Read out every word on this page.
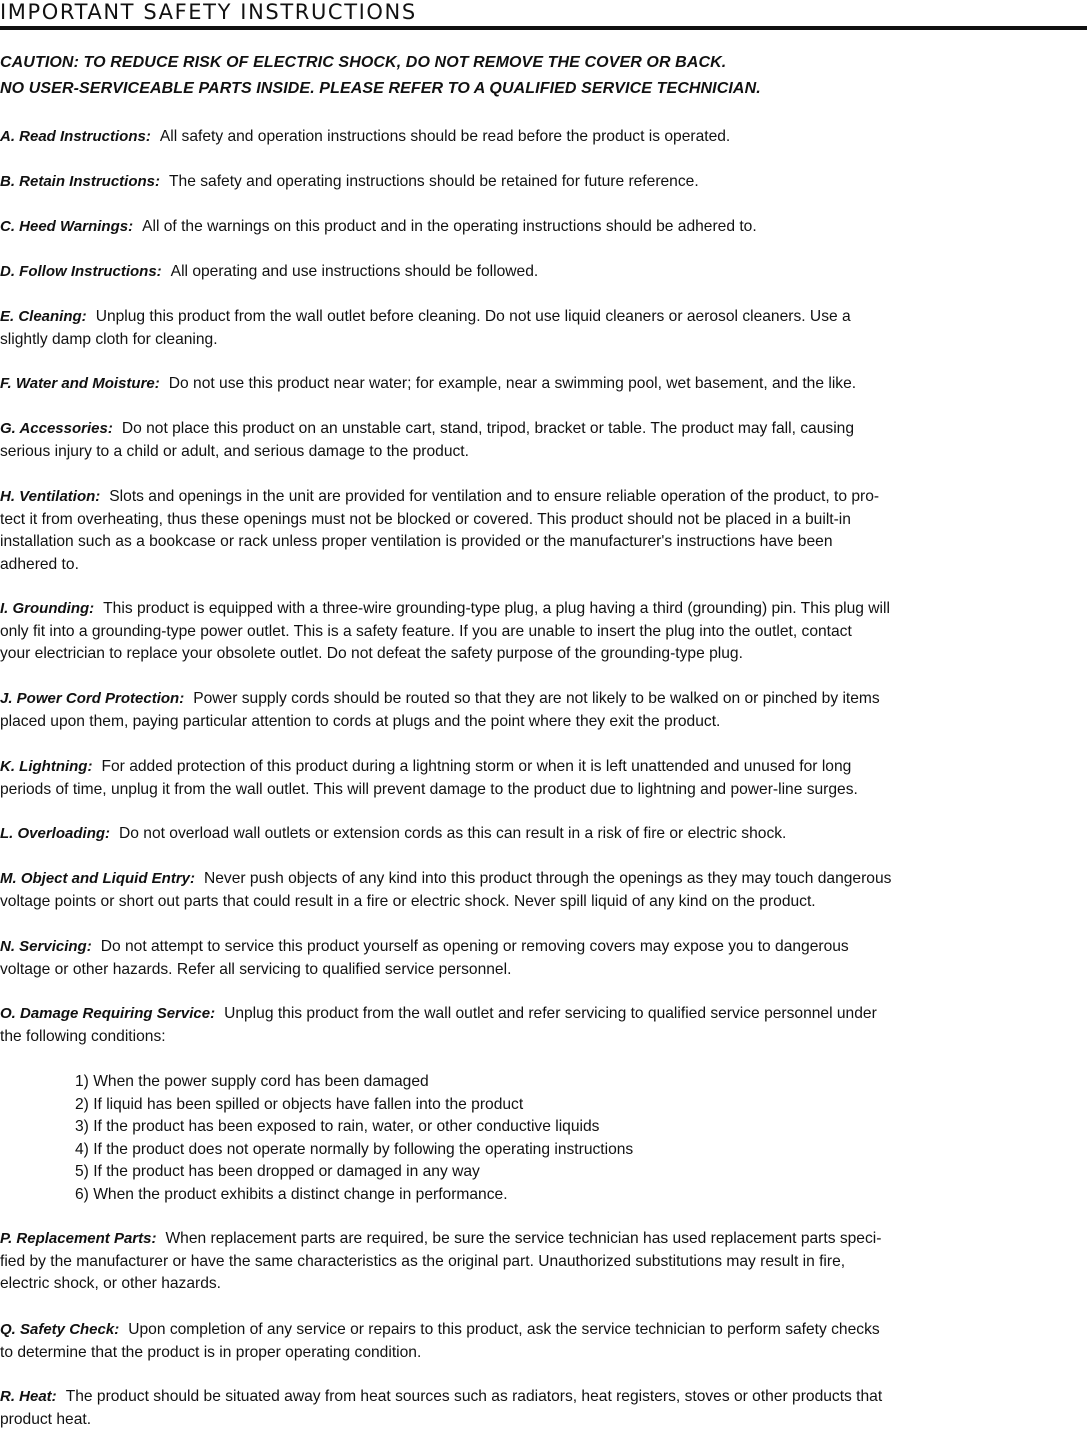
IMPORTANT SAFETY INSTRUCTIONS
CAUTION: TO REDUCE RISK OF ELECTRIC SHOCK, DO NOT REMOVE THE COVER OR BACK.
NO USER-SERVICEABLE PARTS INSIDE. PLEASE REFER TO A QUALIFIED SERVICE TECHNICIAN.
A. Read Instructions: All safety and operation instructions should be read before the product is operated.
B. Retain Instructions: The safety and operating instructions should be retained for future reference.
C. Heed Warnings: All of the warnings on this product and in the operating instructions should be adhered to.
D. Follow Instructions: All operating and use instructions should be followed.
E. Cleaning: Unplug this product from the wall outlet before cleaning. Do not use liquid cleaners or aerosol cleaners. Use a
slightly damp cloth for cleaning.
F. Water and Moisture: Do not use this product near water; for example, near a swimming pool, wet basement, and the like.
G. Accessories: Do not place this product on an unstable cart, stand, tripod, bracket or table. The product may fall, causing
serious injury to a child or adult, and serious damage to the product.
H. Ventilation: Slots and openings in the unit are provided for ventilation and to ensure reliable operation of the product, to pro-
tect it from overheating, thus these openings must not be blocked or covered. This product should not be placed in a built-in
installation such as a bookcase or rack unless proper ventilation is provided or the manufacturer's instructions have been
adhered to.
I. Grounding: This product is equipped with a three-wire grounding-type plug, a plug having a third (grounding) pin. This plug will
only fit into a grounding-type power outlet. This is a safety feature. If you are unable to insert the plug into the outlet, contact
your electrician to replace your obsolete outlet. Do not defeat the safety purpose of the grounding-type plug.
J. Power Cord Protection: Power supply cords should be routed so that they are not likely to be walked on or pinched by items
placed upon them, paying particular attention to cords at plugs and the point where they exit the product.
K. Lightning: For added protection of this product during a lightning storm or when it is left unattended and unused for long
periods of time, unplug it from the wall outlet. This will prevent damage to the product due to lightning and power-line surges.
L. Overloading: Do not overload wall outlets or extension cords as this can result in a risk of fire or electric shock.
M. Object and Liquid Entry: Never push objects of any kind into this product through the openings as they may touch dangerous
voltage points or short out parts that could result in a fire or electric shock. Never spill liquid of any kind on the product.
N. Servicing: Do not attempt to service this product yourself as opening or removing covers may expose you to dangerous
voltage or other hazards. Refer all servicing to qualified service personnel.
O. Damage Requiring Service: Unplug this product from the wall outlet and refer servicing to qualified service personnel under
the following conditions:
P. Replacement Parts: When replacement parts are required, be sure the service technician has used replacement parts speci-
fied by the manufacturer or have the same characteristics as the original part. Unauthorized substitutions may result in fire,
electric shock, or other hazards.
Q. Safety Check: Upon completion of any service or repairs to this product, ask the service technician to perform safety checks
to determine that the product is in proper operating condition.
R. Heat: The product should be situated away from heat sources such as radiators, heat registers, stoves or other products that
product heat.
1) When the power supply cord has been damaged
2) If liquid has been spilled or objects have fallen into the product
3) If the product has been exposed to rain, water, or other conductive liquids
4) If the product does not operate normally by following the operating instructions
5) If the product has been dropped or damaged in any way
6) When the product exhibits a distinct change in performance.
